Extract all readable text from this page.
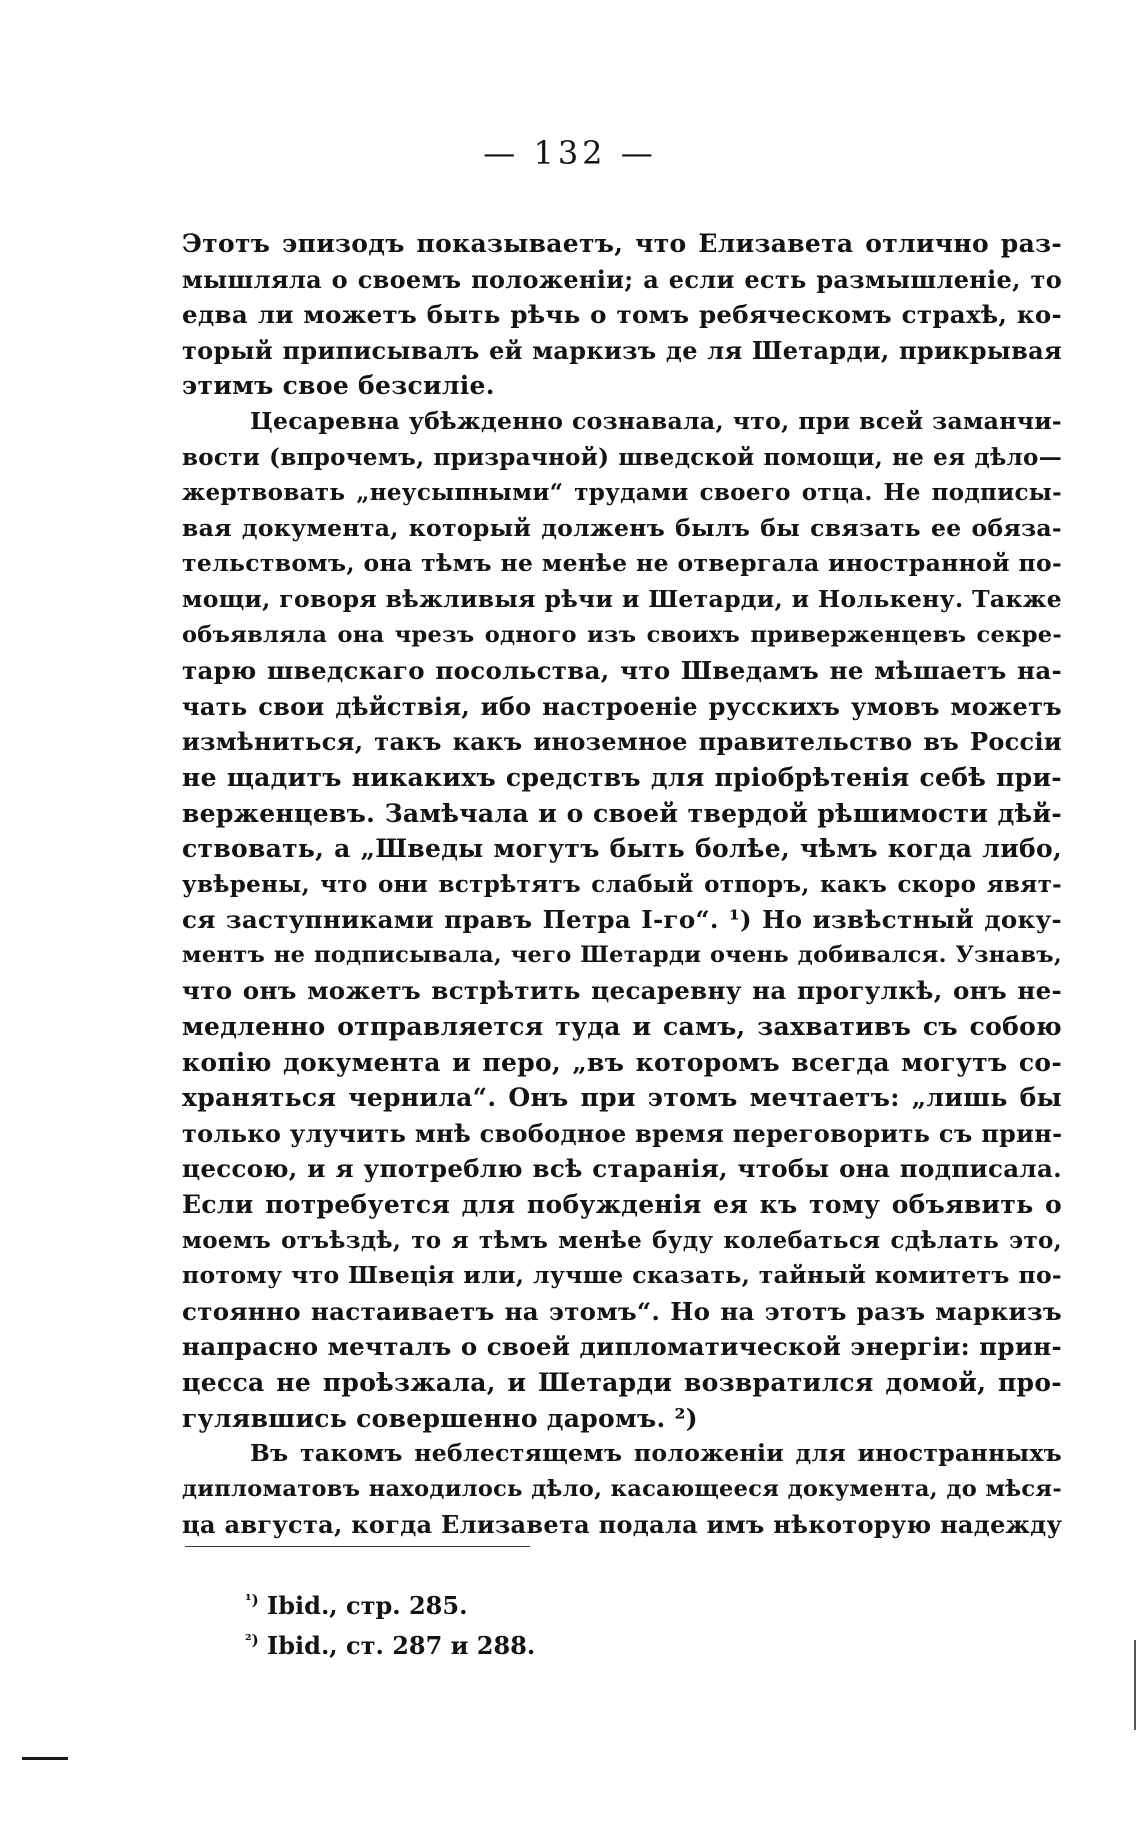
— 132 —
Этотъ эпизодъ показываетъ, что Елизавета отлично раз-
мышляла о своемъ положеніи; а если есть размышленіе, то
едва ли можетъ быть рѣчь о томъ ребяческомъ страхѣ, ко-
торый приписывалъ ей маркизъ де ля Шетарди, прикрывая
этимъ свое безсиліе.
Цесаревна убѣжденно сознавала, что, при всей заманчи-
вости (впрочемъ, призрачной) шведской помощи, не ея дѣло—
жертвовать „неусыпными“ трудами своего отца. Не подписы-
вая документа, который долженъ былъ бы связать ее обяза-
тельствомъ, она тѣмъ не менѣе не отвергала иностранной по-
мощи, говоря вѣжливыя рѣчи и Шетарди, и Нолькену. Также
объявляла она чрезъ одного изъ своихъ приверженцевъ секре-
тарю шведскаго посольства, что Шведамъ не мѣшаетъ на-
чать свои дѣйствія, ибо настроеніе русскихъ умовъ можетъ
измѣниться, такъ какъ иноземное правительство въ Россіи
не щадитъ никакихъ средствъ для пріобрѣтенія себѣ при-
верженцевъ. Замѣчала и о своей твердой рѣшимости дѣй-
ствовать, а „Шведы могутъ быть болѣе, чѣмъ когда либо,
увѣрены, что они встрѣтятъ слабый отпоръ, какъ скоро явят-
ся заступниками правъ Петра I-го“. ¹) Но извѣстный доку-
ментъ не подписывала, чего Шетарди очень добивался. Узнавъ,
что онъ можетъ встрѣтить цесаревну на прогулкѣ, онъ не-
медленно отправляется туда и самъ, захвативъ съ собою
копію документа и перо, „въ которомъ всегда могутъ со-
храняться чернила“. Онъ при этомъ мечтаетъ: „лишь бы
только улучить мнѣ свободное время переговорить съ прин-
цессою, и я употреблю всѣ старанія, чтобы она подписала.
Если потребуется для побужденія ея къ тому объявить о
моемъ отъѣздѣ, то я тѣмъ менѣе буду колебаться сдѣлать это,
потому что Швеція или, лучше сказать, тайный комитетъ по-
стоянно настаиваетъ на этомъ“. Но на этотъ разъ маркизъ
напрасно мечталъ о своей дипломатической энергіи: прин-
цесса не проѣзжала, и Шетарди возвратился домой, про-
гулявшись совершенно даромъ. ²)
Въ такомъ неблестящемъ положеніи для иностранныхъ
дипломатовъ находилось дѣло, касающееся документа, до мѣся-
ца августа, когда Елизавета подала имъ нѣкоторую надежду
$^{^1)}$ Ibid., стр. 285.
$^{^2)}$ Ibid., ст. 287 и 288.
